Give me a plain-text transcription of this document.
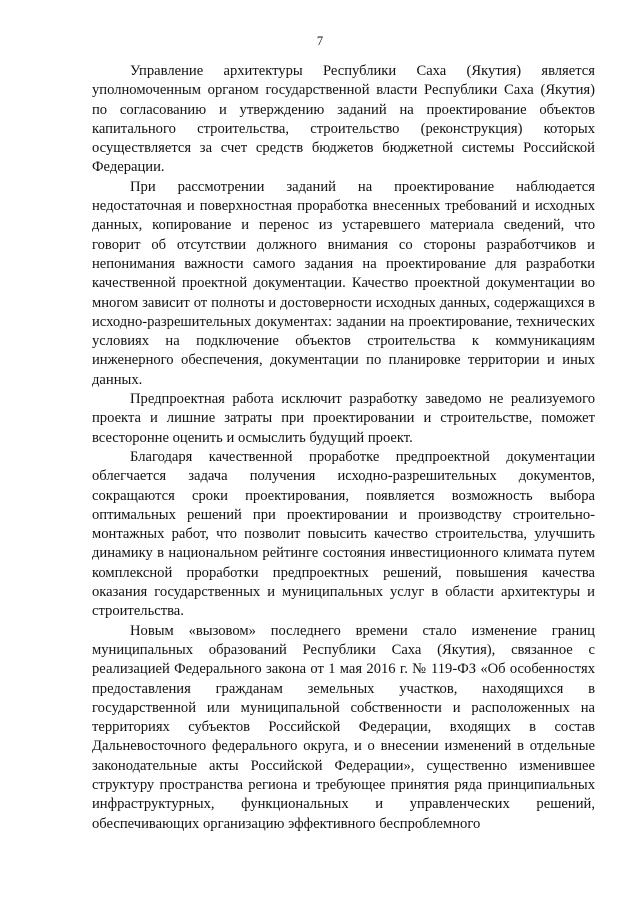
7

Управление архитектуры Республики Саха (Якутия) является уполномоченным органом государственной власти Республики Саха (Якутия) по согласованию и утверждению заданий на проектирование объектов капитального строительства, строительство (реконструкция) которых осуществляется за счет средств бюджетов бюджетной системы Российской Федерации.

При рассмотрении заданий на проектирование наблюдается недостаточная и поверхностная проработка внесенных требований и исходных данных, копирование и перенос из устаревшего материала сведений, что говорит об отсутствии должного внимания со стороны разработчиков и непонимания важности самого задания на проектирование для разработки качественной проектной документации. Качество проектной документации во многом зависит от полноты и достоверности исходных данных, содержащихся в исходно-разрешительных документах: задании на проектирование, технических условиях на подключение объектов строительства к коммуникациям инженерного обеспечения, документации по планировке территории и иных данных.

Предпроектная работа исключит разработку заведомо не реализуемого проекта и лишние затраты при проектировании и строительстве, поможет всесторонне оценить и осмыслить будущий проект.

Благодаря качественной проработке предпроектной документации облегчается задача получения исходно-разрешительных документов, сокращаются сроки проектирования, появляется возможность выбора оптимальных решений при проектировании и производству строительно-монтажных работ, что позволит повысить качество строительства, улучшить динамику в национальном рейтинге состояния инвестиционного климата путем комплексной проработки предпроектных решений, повышения качества оказания государственных и муниципальных услуг в области архитектуры и строительства.

Новым «вызовом» последнего времени стало изменение границ муниципальных образований Республики Саха (Якутия), связанное с реализацией Федерального закона от 1 мая 2016 г. № 119-ФЗ «Об особенностях предоставления гражданам земельных участков, находящихся в государственной или муниципальной собственности и расположенных на территориях субъектов Российской Федерации, входящих в состав Дальневосточного федерального округа, и о внесении изменений в отдельные законодательные акты Российской Федерации», существенно изменившее структуру пространства региона и требующее принятия ряда принципиальных инфраструктурных, функциональных и управленческих решений, обеспечивающих организацию эффективного беспроблемного
